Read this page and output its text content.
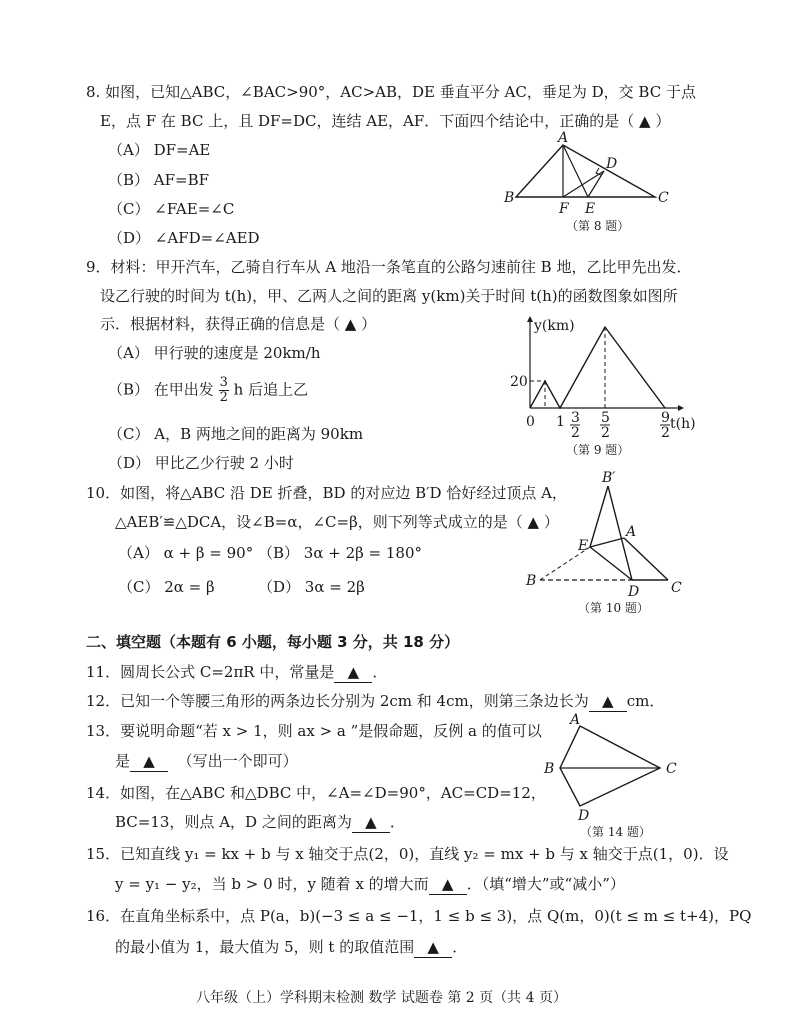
8. 如图，已知△ABC，∠BAC>90°，AC>AB，DE 垂直平分 AC，垂足为 D，交 BC 于点
E，点 F 在 BC 上，且 DF=DC，连结 AE，AF．下面四个结论中，正确的是（ ▲ ）
（A） DF=AE
（B） AF=BF
（C） ∠FAE=∠C
（D） ∠AFD=∠AED
A
B	C
D
E
F
（第 8 题）
9．材料：甲开汽车，乙骑自行车从 A 地沿一条笔直的公路匀速前往 B 地，乙比甲先出发．
设乙行驶的时间为 t(h)，甲、乙两人之间的距离 y(km)关于时间 t(h)的函数图象如图所
示．根据材料，获得正确的信息是（ ▲ ）
（A） 甲行驶的速度是 20km/h
（B） 在甲出发 $\frac{3}{2}$ h 后追上乙
（C） A，B 两地之间的距离为 90km
（D） 甲比乙少行驶 2 小时
y(km)
t(h)
20
0 1 3
2
5
2
9
2
（第 9 题）
10．如图，将△ABC 沿 DE 折叠，BD 的对应边 B′D 恰好经过顶点 A，
△AEB′≌△DCA，设∠B=α，∠C=β，则下列等式成立的是（ ▲ ）
（A） α + β = 90° （B） 3α + 2β = 180°
（C） 2α = β	（D） 3α = 2β
B′
A
E
B
D C
（第 10 题）
二、填空题（本题有 6 小题，每小题 3 分，共 18 分）
11．圆周长公式 C=2πR 中，常量是 ▲ ．
12．已知一个等腰三角形的两条边长分别为 2cm 和 4cm，则第三条边长为 ▲ cm．
13．要说明命题“若 x > 1，则 ax > a ”是假命题，反例 a 的值可以
是 ▲ （写出一个即可）
A
B	C
D
（第 14 题）
14．如图，在△ABC 和△DBC 中，∠A=∠D=90°，AC=CD=12，
BC=13，则点 A，D 之间的距离为 ▲ ．
15．已知直线 y₁ = kx + b 与 x 轴交于点(2，0)，直线 y₂ = mx + b 与 x 轴交于点(1，0)．设
y = y₁ − y₂，当 b > 0 时，y 随着 x 的增大而 ▲ ．（填“增大”或“减小”）
16．在直角坐标系中，点 P(a，b)(−3 ≤ a ≤ −1，1 ≤ b ≤ 3)，点 Q(m，0)(t ≤ m ≤ t+4)，PQ
的最小值为 1，最大值为 5，则 t 的取值范围 ▲ ．
八年级（上）学科期末检测 数学 试题卷 第 2 页（共 4 页）
